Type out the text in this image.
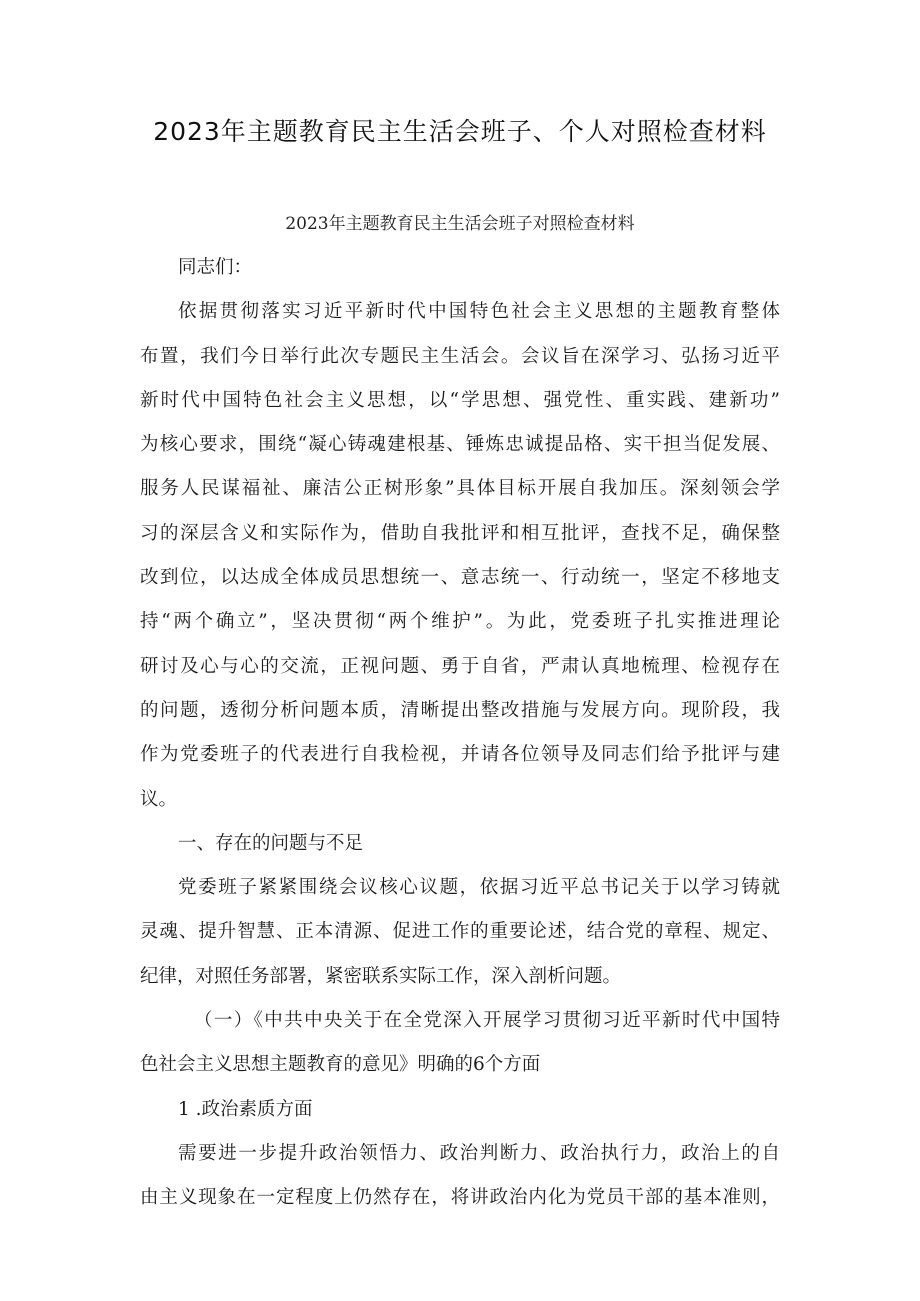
2023年主题教育民主生活会班子、个人对照检查材料
2023年主题教育民主生活会班子对照检查材料
同志们：
依据贯彻落实习近平新时代中国特色社会主义思想的主题教育整体
布置，我们今日举行此次专题民主生活会。会议旨在深学习、弘扬习近平
新时代中国特色社会主义思想，以“学思想、强党性、重实践、建新功”
为核心要求，围绕“凝心铸魂建根基、锤炼忠诚提品格、实干担当促发展、
服务人民谋福祉、廉洁公正树形象”具体目标开展自我加压。深刻领会学
习的深层含义和实际作为，借助自我批评和相互批评，查找不足，确保整
改到位，以达成全体成员思想统一、意志统一、行动统一，坚定不移地支
持“两个确立”，坚决贯彻“两个维护”。为此，党委班子扎实推进理论
研讨及心与心的交流，正视问题、勇于自省，严肃认真地梳理、检视存在
的问题，透彻分析问题本质，清晰提出整改措施与发展方向。现阶段，我
作为党委班子的代表进行自我检视，并请各位领导及同志们给予批评与建
议。
一、存在的问题与不足
党委班子紧紧围绕会议核心议题，依据习近平总书记关于以学习铸就
灵魂、提升智慧、正本清源、促进工作的重要论述，结合党的章程、规定、
纪律，对照任务部署，紧密联系实际工作，深入剖析问题。
（一）《中共中央关于在全党深入开展学习贯彻习近平新时代中国特
色社会主义思想主题教育的意见》明确的6个方面
1 .政治素质方面
需要进一步提升政治领悟力、政治判断力、政治执行力，政治上的自
由主义现象在一定程度上仍然存在，将讲政治内化为党员干部的基本准则，
